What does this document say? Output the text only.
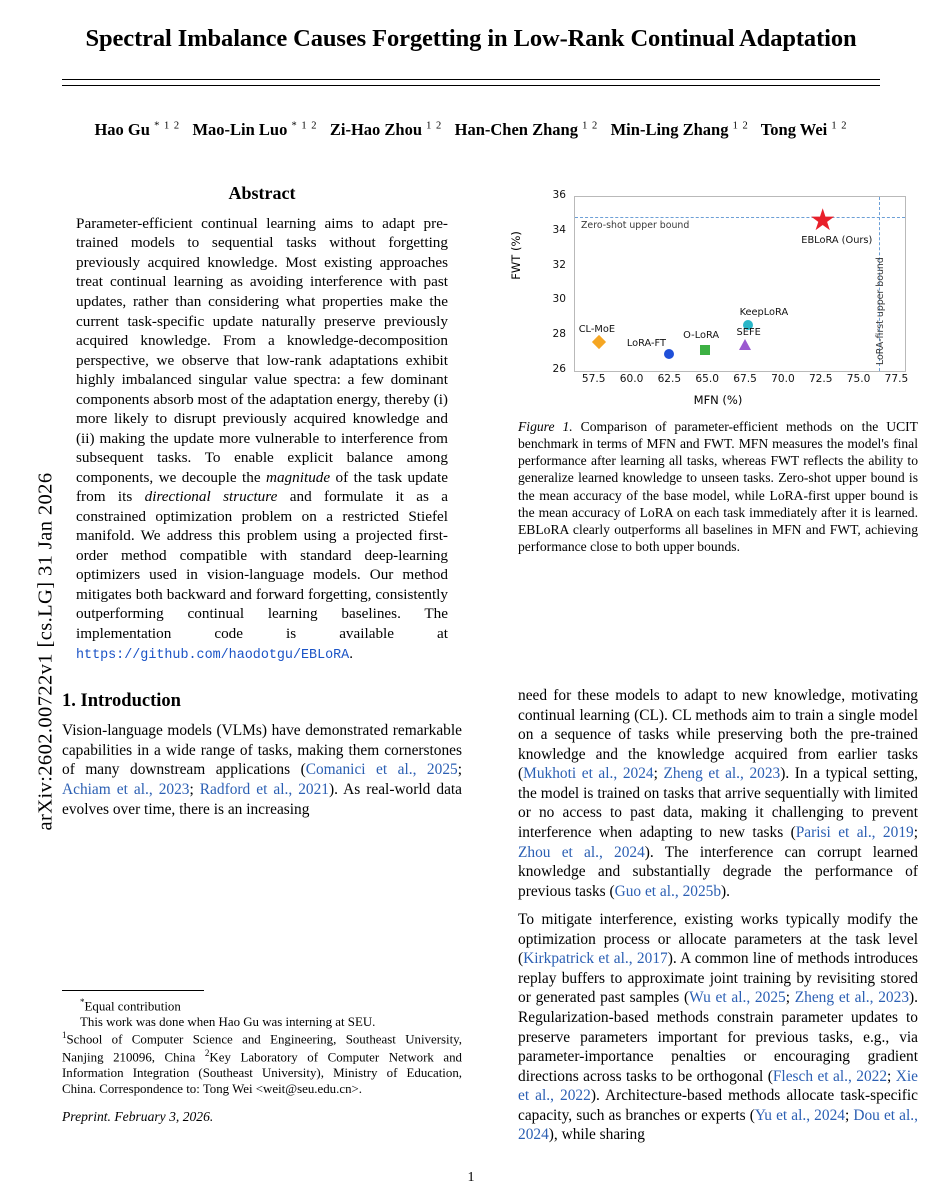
arXiv:2602.00722v1 [cs.LG] 31 Jan 2026
Spectral Imbalance Causes Forgetting in Low-Rank Continual Adaptation
Hao Gu $^{* 1 2}$   Mao-Lin Luo $^{* 1 2}$   Zi-Hao Zhou $^{1 2}$   Han-Chen Zhang $^{1 2}$   Min-Ling Zhang $^{1 2}$   Tong Wei $^{1 2}$
Abstract
Parameter-efficient continual learning aims to adapt pre-trained models to sequential tasks without forgetting previously acquired knowledge. Most existing approaches treat continual learning as avoiding interference with past updates, rather than considering what properties make the current task-specific update naturally preserve previously acquired knowledge. From a knowledge-decomposition perspective, we observe that low-rank adaptations exhibit highly imbalanced singular value spectra: a few dominant components absorb most of the adaptation energy, thereby (i) more likely to disrupt previously acquired knowledge and (ii) making the update more vulnerable to interference from subsequent tasks. To enable explicit balance among components, we decouple the magnitude of the task update from its directional structure and formulate it as a constrained optimization problem on a restricted Stiefel manifold. We address this problem using a projected first-order method compatible with standard deep-learning optimizers used in vision-language models. Our method mitigates both backward and forward forgetting, consistently outperforming continual learning baselines. The implementation code is available at https://github.com/haodotgu/EBLoRA.
1. Introduction

Vision-language models (VLMs) have demonstrated remarkable capabilities in a wide range of tasks, making them cornerstones of many downstream applications (Comanici et al., 2025; Achiam et al., 2023; Radford et al., 2021). As real-world data evolves over time, there is an increasing

*Equal contribution
This work was done when Hao Gu was interning at SEU.
$^1$School of Computer Science and Engineering, Southeast University, Nanjing 210096, China $^2$Key Laboratory of Computer Network and Information Integration (Southeast University), Ministry of Education, China. Correspondence to: Tong Wei <weit@seu.edu.cn>.
Preprint. February 3, 2026.
FWT (%)
MFN (%)
Zero-shot upper bound
LoRA-first upper bound
★
EBLoRA (Ours)
KeepLoRA
CL-MoE
LoRA-FT
O-LoRA SEFE
26
28
30
32
34
36
57.5	60.0	62.5	65.0	67.5	70.0	72.5	75.0	77.5
Figure 1. Comparison of parameter-efficient methods on the UCIT benchmark in terms of MFN and FWT. MFN measures the model's final performance after learning all tasks, whereas FWT reflects the ability to generalize learned knowledge to unseen tasks. Zero-shot upper bound is the mean accuracy of the base model, while LoRA-first upper bound is the mean accuracy of LoRA on each task immediately after it is learned. EBLoRA clearly outperforms all baselines in MFN and FWT, achieving performance close to both upper bounds.

need for these models to adapt to new knowledge, motivating continual learning (CL). CL methods aim to train a single model on a sequence of tasks while preserving both the pre-trained knowledge and the knowledge acquired from earlier tasks (Mukhoti et al., 2024; Zheng et al., 2023). In a typical setting, the model is trained on tasks that arrive sequentially with limited or no access to past data, making it challenging to prevent interference when adapting to new tasks (Parisi et al., 2019; Zhou et al., 2024). The interference can corrupt learned knowledge and substantially degrade the performance of previous tasks (Guo et al., 2025b).

To mitigate interference, existing works typically modify the optimization process or allocate parameters at the task level (Kirkpatrick et al., 2017). A common line of methods introduces replay buffers to approximate joint training by revisiting stored or generated past samples (Wu et al., 2025; Zheng et al., 2023). Regularization-based methods constrain parameter updates to preserve parameters important for previous tasks, e.g., via parameter-importance penalties or encouraging gradient directions across tasks to be orthogonal (Flesch et al., 2022; Xie et al., 2022). Architecture-based methods allocate task-specific capacity, such as branches or experts (Yu et al., 2024; Dou et al., 2024), while sharing

1
